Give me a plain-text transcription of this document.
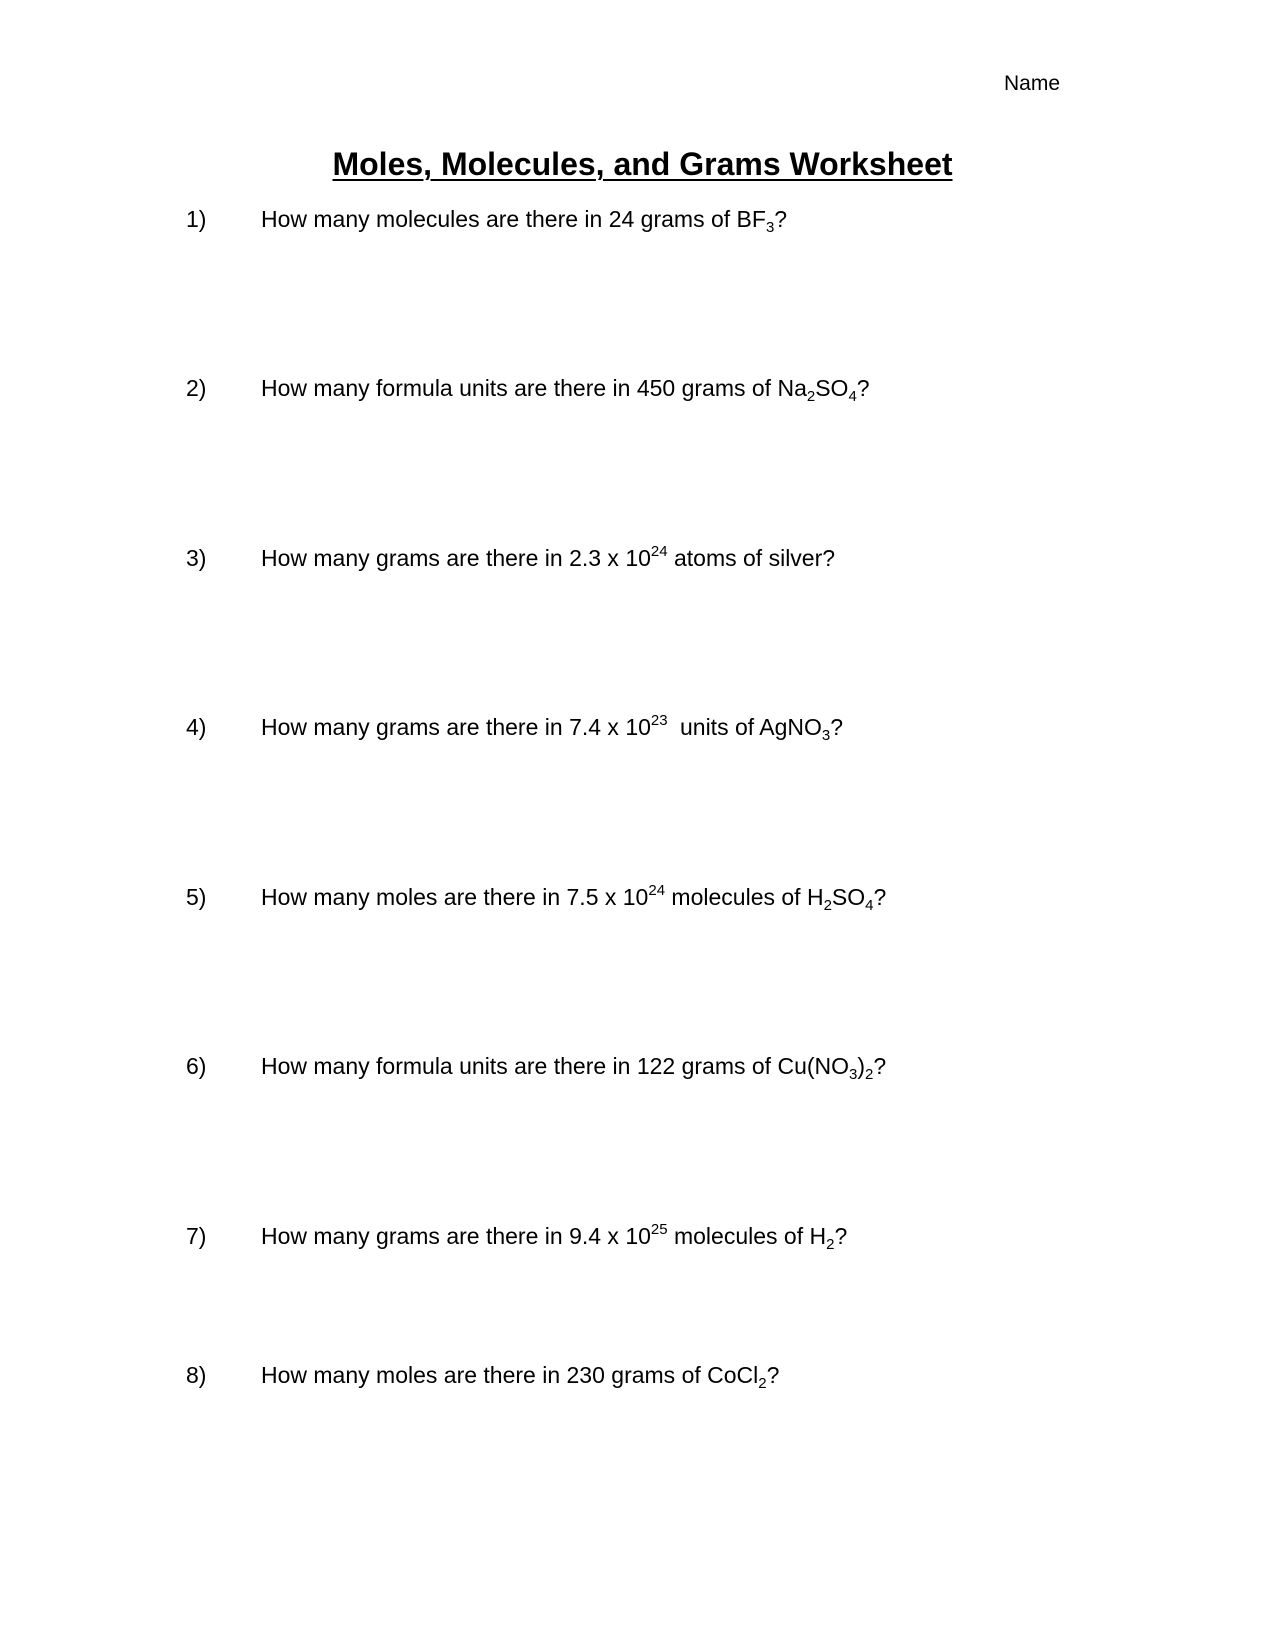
Name
Moles, Molecules, and Grams Worksheet
1) How many molecules are there in 24 grams of $BF_3$?
2) How many formula units are there in 450 grams of $Na_2SO_4$?
3) How many grams are there in 2.3 x $10^{24}$ atoms of silver?
4) How many grams are there in 7.4 x $10^{23}$ units of AgNO$_3$?
5) How many moles are there in 7.5 x $10^{24}$ molecules of $H_2SO_4$?
6) How many formula units are there in 122 grams of $Cu(NO_3)_2$?
7) How many grams are there in 9.4 x $10^{25}$ molecules of $H_2$?
8) How many moles are there in 230 grams of CoCl$_2$?
